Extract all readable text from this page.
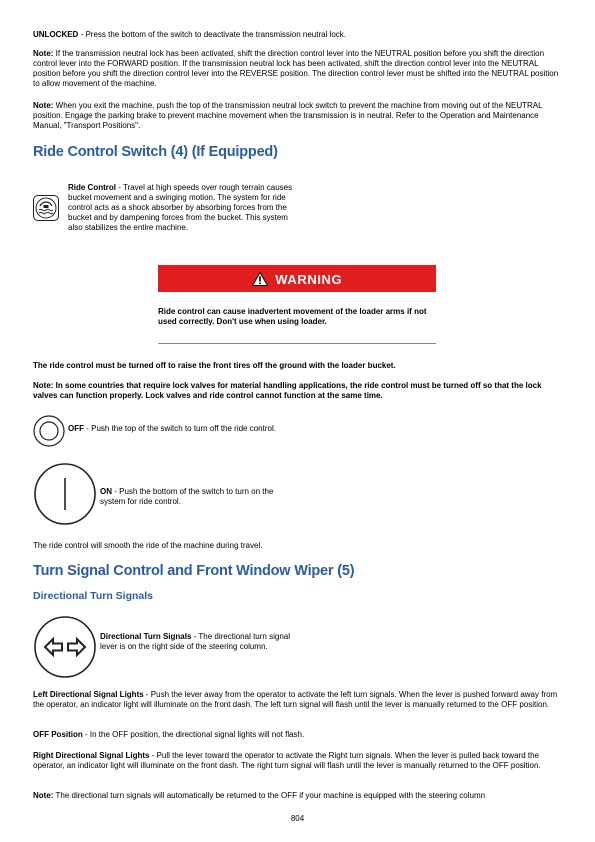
UNLOCKED - Press the bottom of the switch to deactivate the transmission neutral lock.

Note: If the transmission neutral lock has been activated, shift the direction control lever into the NEUTRAL position before you shift the direction control lever into the FORWARD position. If the transmission neutral lock has been activated, shift the direction control lever into the NEUTRAL position before you shift the direction control lever into the REVERSE position. The direction control lever must be shifted into the NEUTRAL position to allow movement of the machine.

Note: When you exit the machine, push the top of the transmission neutral lock switch to prevent the machine from moving out of the NEUTRAL position. Engage the parking brake to prevent machine movement when the transmission is in neutral. Refer to the Operation and Maintenance Manual, "Transport Positions".

Ride Control Switch (4) (If Equipped)

Ride Control - Travel at high speeds over rough terrain causes bucket movement and a swinging motion. The system for ride control acts as a shock absorber by absorbing forces from the bucket and by dampening forces from the bucket. This system also stabilizes the entire machine.

WARNING

Ride control can cause inadvertent movement of the loader arms if not used correctly. Don't use when using loader.

The ride control must be turned off to raise the front tires off the ground with the loader bucket.

Note: In some countries that require lock valves for material handling applications, the ride control must be turned off so that the lock valves can function properly. Lock valves and ride control cannot function at the same time.

OFF - Push the top of the switch to turn off the ride control.

ON - Push the bottom of the switch to turn on the system for ride control.

The ride control will smooth the ride of the machine during travel.

Turn Signal Control and Front Window Wiper (5)
Directional Turn Signals

Directional Turn Signals - The directional turn signal lever is on the right side of the steering column.

Left Directional Signal Lights - Push the lever away from the operator to activate the left turn signals. When the lever is pushed forward away from the operator, an indicator light will illuminate on the front dash. The left turn signal will flash until the lever is manually returned to the OFF position.

OFF Position - In the OFF position, the directional signal lights will not flash.

Right Directional Signal Lights - Pull the lever toward the operator to activate the Right turn signals. When the lever is pulled back toward the operator, an indicator light will illuminate on the front dash. The right turn signal will flash until the lever is manually returned to the OFF position.

Note: The directional turn signals will automatically be returned to the OFF if your machine is equipped with the steering column

804
